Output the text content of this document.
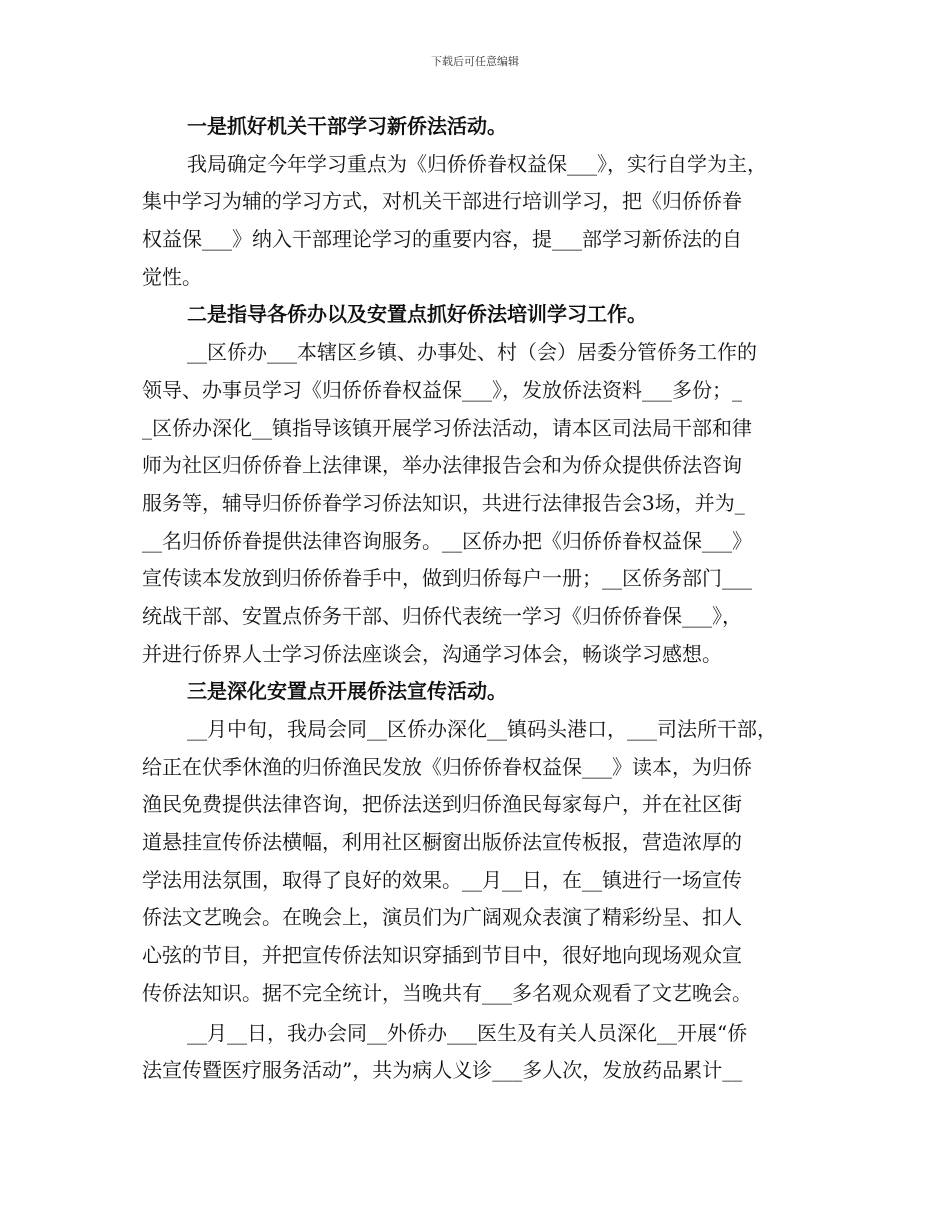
下载后可任意编辑
一是抓好机关干部学习新侨法活动。
我局确定今年学习重点为《归侨侨眷权益保___》，实行自学为主，
集中学习为辅的学习方式，对机关干部进行培训学习，把《归侨侨眷
权益保___》纳入干部理论学习的重要内容，提___部学习新侨法的自
觉性。
二是指导各侨办以及安置点抓好侨法培训学习工作。
__区侨办___本辖区乡镇、办事处、村（会）居委分管侨务工作的
领导、办事员学习《归侨侨眷权益保___》，发放侨法资料___多份；_
_区侨办深化__镇指导该镇开展学习侨法活动，请本区司法局干部和律
师为社区归侨侨眷上法律课，举办法律报告会和为侨众提供侨法咨询
服务等，辅导归侨侨眷学习侨法知识，共进行法律报告会3场，并为_
__名归侨侨眷提供法律咨询服务。__区侨办把《归侨侨眷权益保___》
宣传读本发放到归侨侨眷手中，做到归侨每户一册；__区侨务部门___
统战干部、安置点侨务干部、归侨代表统一学习《归侨侨眷保___》，
并进行侨界人士学习侨法座谈会，沟通学习体会，畅谈学习感想。
三是深化安置点开展侨法宣传活动。
__月中旬，我局会同__区侨办深化__镇码头港口，___司法所干部，
给正在伏季休渔的归侨渔民发放《归侨侨眷权益保___》读本，为归侨
渔民免费提供法律咨询，把侨法送到归侨渔民每家每户，并在社区街
道悬挂宣传侨法横幅，利用社区橱窗出版侨法宣传板报，营造浓厚的
学法用法氛围，取得了良好的效果。__月__日，在__镇进行一场宣传
侨法文艺晚会。在晚会上，演员们为广阔观众表演了精彩纷呈、扣人
心弦的节目，并把宣传侨法知识穿插到节目中，很好地向现场观众宣
传侨法知识。据不完全统计，当晚共有___多名观众观看了文艺晚会。
__月__日，我办会同__外侨办___医生及有关人员深化__开展“侨
法宣传暨医疗服务活动”，共为病人义诊___多人次，发放药品累计__
